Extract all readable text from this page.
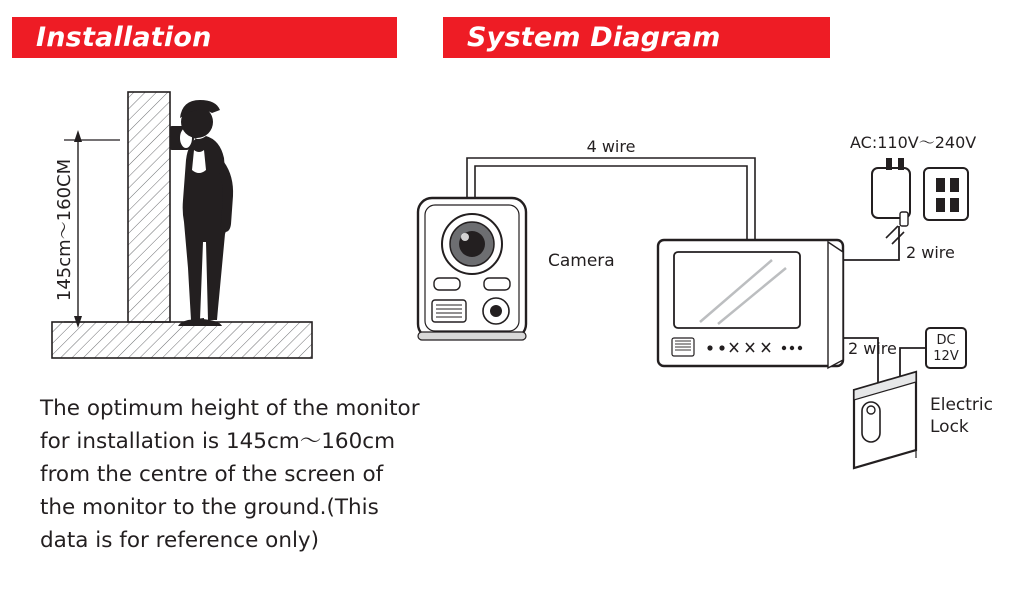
Installation	System Diagram
145cm～160CM
The optimum height of the monitor for installation is 145cm～160cm from the centre of the screen of the monitor to the ground.(This data is for reference only)
4 wire
Camera
AC:110V～240V
2 wire
DC
12V
2 wire
Electric
Lock
